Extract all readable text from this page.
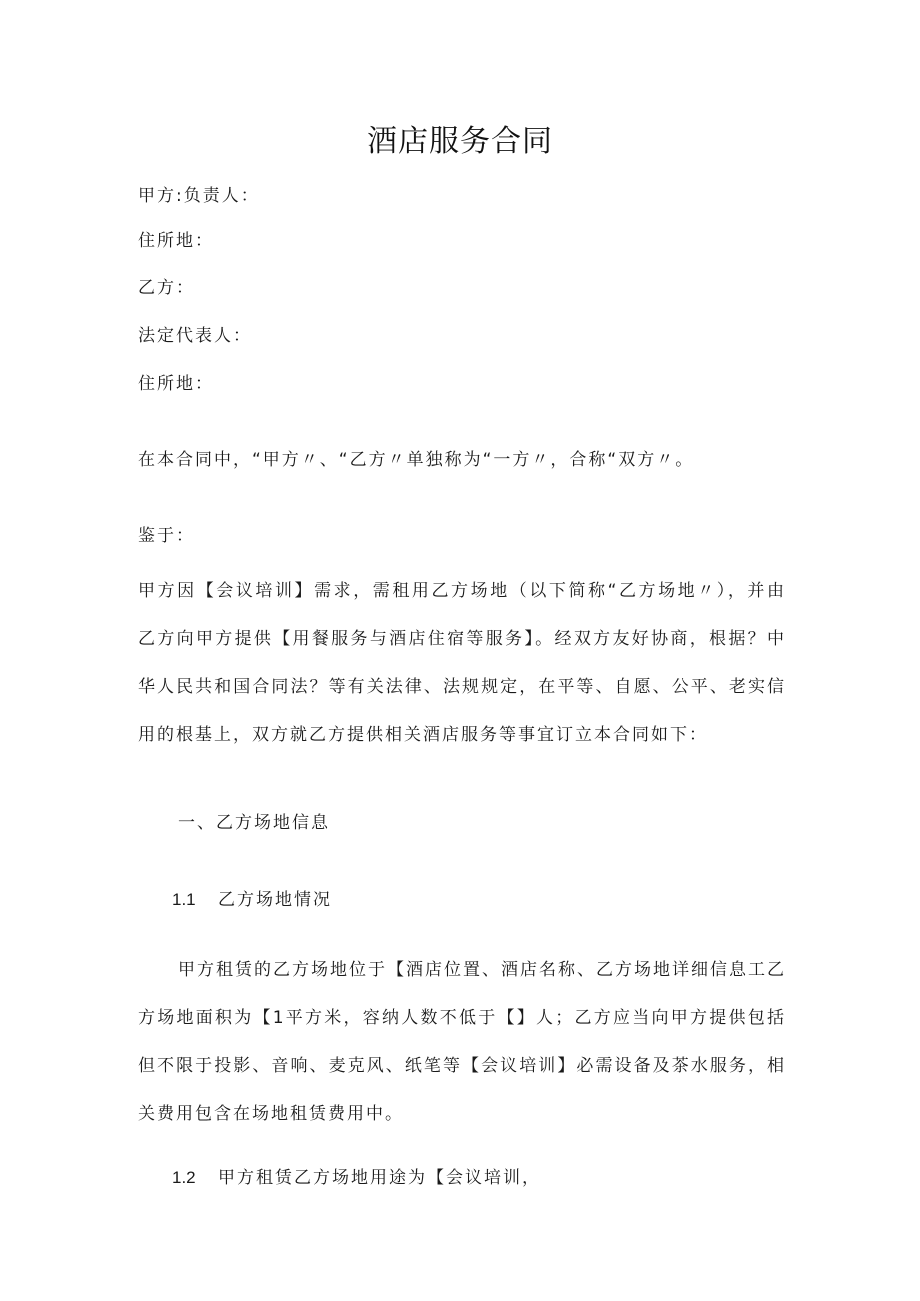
酒店服务合同
甲方:负责人：
住所地：
乙方：
法定代表人：
住所地：
在本合同中，“甲方〃、“乙方〃单独称为“一方〃，合称“双方〃。
鉴于：
甲方因【会议培训】需求，需租用乙方场地（以下简称“乙方场地〃），并由乙方向甲方提供【用餐服务与酒店住宿等服务】。经双方友好协商，根据？中华人民共和国合同法？等有关法律、法规规定，在平等、自愿、公平、老实信用的根基上，双方就乙方提供相关酒店服务等事宜订立本合同如下：
一、乙方场地信息
1.1 乙方场地情况
甲方租赁的乙方场地位于【酒店位置、酒店名称、乙方场地详细信息工乙方场地面积为【1平方米，容纳人数不低于【】人；乙方应当向甲方提供包括但不限于投影、音响、麦克风、纸笔等【会议培训】必需设备及茶水服务，相关费用包含在场地租赁费用中。
1.2 甲方租赁乙方场地用途为【会议培训，
